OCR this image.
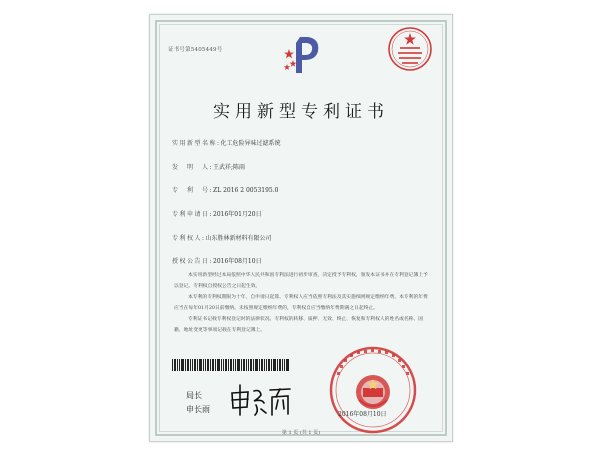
证书号第5405449号
实用新型专利证书
实用新型名称:化工危险异味过滤系统
发　明　人:王武祥;陈雨
专　利　号:ZL 2016 2 0053195.0
专利申请日:2016年01月20日
专利权人:山东胜林新材料有限公司
授权公告日:2016年08月10日

本实用新型经过本局依照中华人民共和国专利法进行初步审查，决定授予专利权，颁发本证书并在专利登记簿上予以登记。专利权自授权公告之日起生效。

本专利的专利权期限为十年，自申请日起算。专利权人应当依照专利法及其实施细则规定缴纳年费。本专利的年费应当在每年01月20日前缴纳。未按照规定缴纳年费的，专利权自应当缴纳年费期满之日起终止。

专利证书记载专利权登记时的法律状况。专利权的转移、质押、无效、终止、恢复和专利权人的姓名或名称、国籍、地址变更等事项记载在专利登记簿上。

局长
申长雨
2016年08月10日
第 1 页 (共 1 页)
